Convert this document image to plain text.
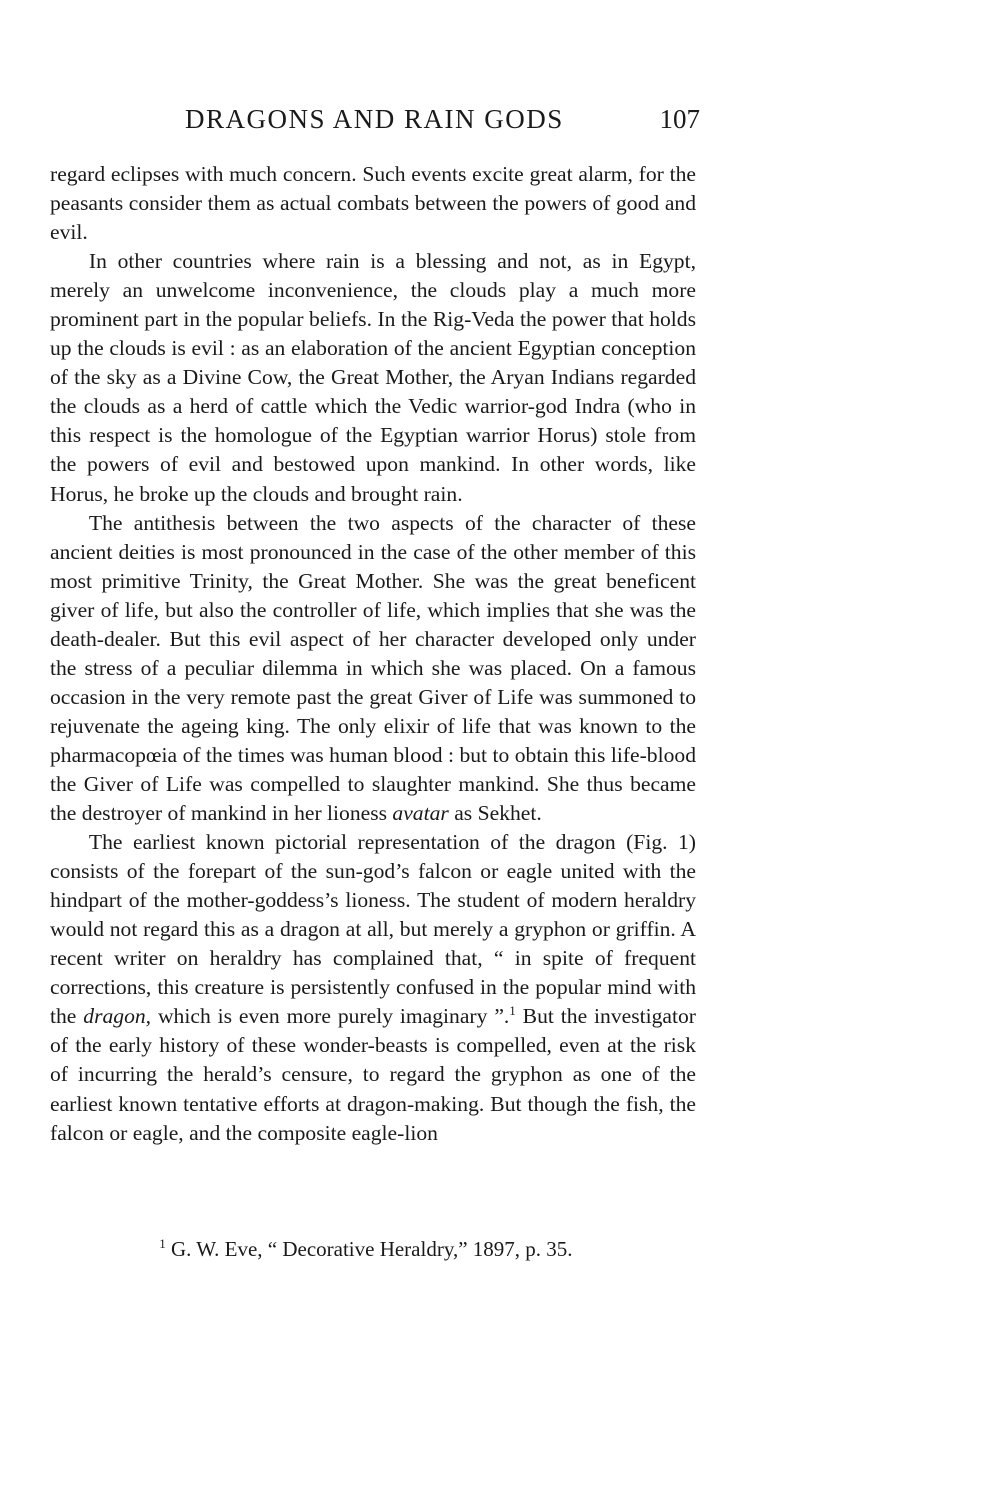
DRAGONS AND RAIN GODS	107

regard eclipses with much concern. Such events excite great alarm, for the peasants consider them as actual combats between the powers of good and evil.

In other countries where rain is a blessing and not, as in Egypt, merely an unwelcome inconvenience, the clouds play a much more prominent part in the popular beliefs. In the Rig-Veda the power that holds up the clouds is evil : as an elaboration of the ancient Egyptian conception of the sky as a Divine Cow, the Great Mother, the Aryan Indians regarded the clouds as a herd of cattle which the Vedic warrior-god Indra (who in this respect is the homologue of the Egyptian warrior Horus) stole from the powers of evil and bestowed upon mankind. In other words, like Horus, he broke up the clouds and brought rain.

The antithesis between the two aspects of the character of these ancient deities is most pronounced in the case of the other member of this most primitive Trinity, the Great Mother. She was the great beneficent giver of life, but also the controller of life, which implies that she was the death-dealer. But this evil aspect of her character developed only under the stress of a peculiar dilemma in which she was placed. On a famous occasion in the very remote past the great Giver of Life was summoned to rejuvenate the ageing king. The only elixir of life that was known to the pharmacopœia of the times was human blood : but to obtain this life-blood the Giver of Life was compelled to slaughter mankind. She thus became the destroyer of mankind in her lioness avatar as Sekhet.

The earliest known pictorial representation of the dragon (Fig. 1) consists of the forepart of the sun-god’s falcon or eagle united with the hindpart of the mother-goddess’s lioness. The student of modern heraldry would not regard this as a dragon at all, but merely a gryphon or griffin. A recent writer on heraldry has complained that, “ in spite of frequent corrections, this creature is persistently confused in the popular mind with the dragon, which is even more purely imaginary ”.$^1$ But the investigator of the early history of these wonder-beasts is compelled, even at the risk of incurring the herald’s censure, to regard the gryphon as one of the earliest known tentative efforts at dragon-making. But though the fish, the falcon or eagle, and the composite eagle-lion

$^1$ G. W. Eve, “ Decorative Heraldry,” 1897, p. 35.
